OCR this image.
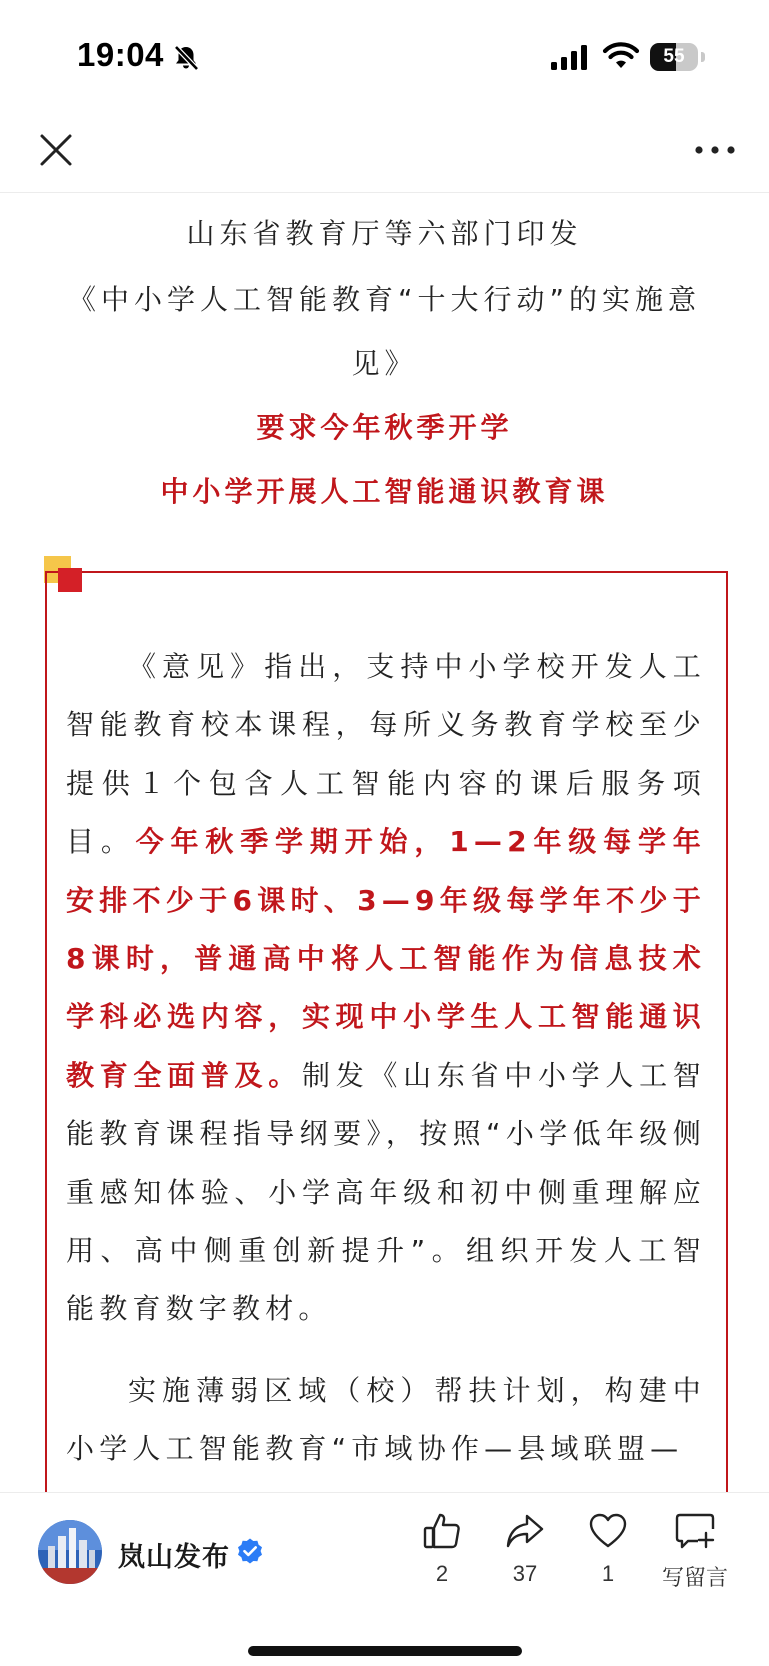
19:04	55
山东省教育厅等六部门印发
《中小学人工智能教育“十大行动”的实施意
见》
要求今年秋季开学
中小学开展人工智能通识教育课
《意见》指出，支持中小学校开发人工智能教育校本课程，每所义务教育学校至少提供１个包含人工智能内容的课后服务项目。今年秋季学期开始，1—2年级每学年安排不少于6课时、3—9年级每学年不少于8课时，普通高中将人工智能作为信息技术学科必选内容，实现中小学生人工智能通识教育全面普及。制发《山东省中小学人工智能教育课程指导纲要》，按照“小学低年级侧重感知体验、小学高年级和初中侧重理解应用、高中侧重创新提升”。组织开发人工智能教育数字教材。
实施薄弱区域（校）帮扶计划，构建中小学人工智能教育“市域协作—县域联盟—
岚山发布
2	37	1	写留言
